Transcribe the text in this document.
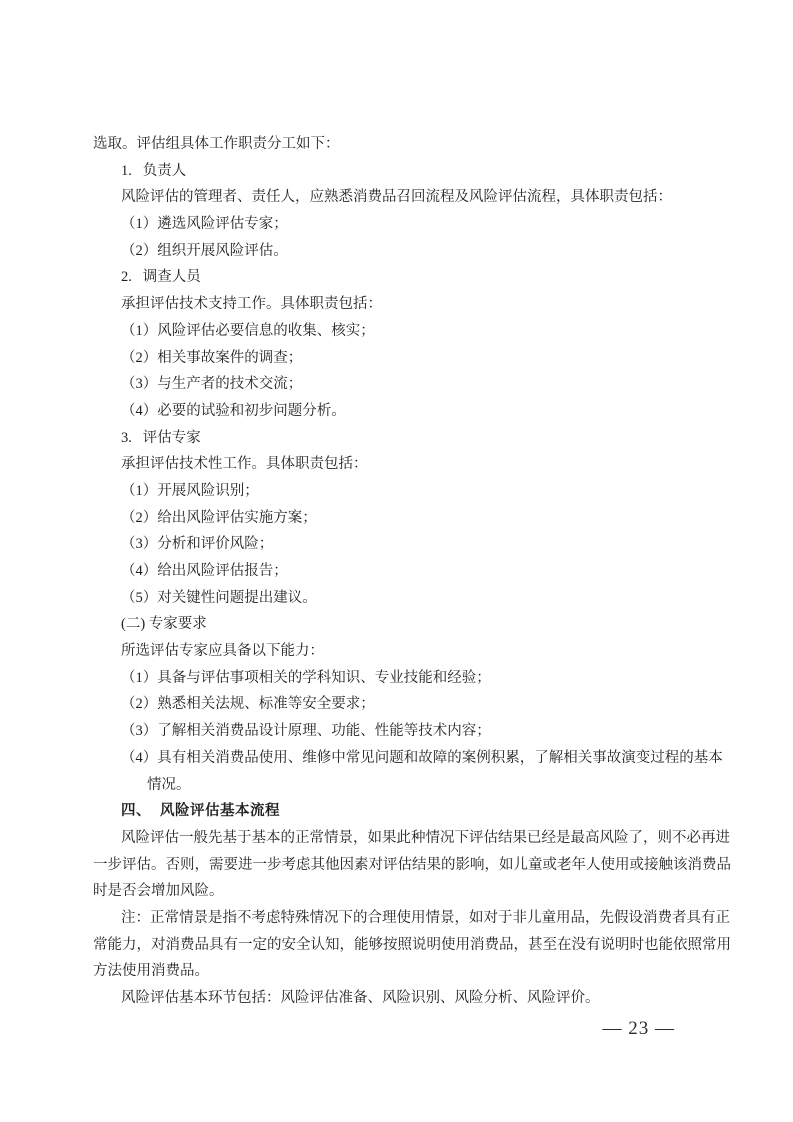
选取。评估组具体工作职责分工如下：
1.   负责人
风险评估的管理者、责任人，应熟悉消费品召回流程及风险评估流程，具体职责包括：
（1）遴选风险评估专家；
（2）组织开展风险评估。
2.   调查人员
承担评估技术支持工作。具体职责包括：
（1）风险评估必要信息的收集、核实；
（2）相关事故案件的调查；
（3）与生产者的技术交流；
（4）必要的试验和初步问题分析。
3.   评估专家
承担评估技术性工作。具体职责包括：
（1）开展风险识别；
（2）给出风险评估实施方案；
（3）分析和评价风险；
（4）给出风险评估报告；
（5）对关键性问题提出建议。
(二) 专家要求
所选评估专家应具备以下能力：
（1）具备与评估事项相关的学科知识、专业技能和经验；
（2）熟悉相关法规、标准等安全要求；
（3）了解相关消费品设计原理、功能、性能等技术内容；
（4）具有相关消费品使用、维修中常见问题和故障的案例积累，了解相关事故演变过程的基本
情况。
四、  风险评估基本流程
风险评估一般先基于基本的正常情景，如果此种情况下评估结果已经是最高风险了，则不必再进
一步评估。否则，需要进一步考虑其他因素对评估结果的影响，如儿童或老年人使用或接触该消费品
时是否会增加风险。
注：正常情景是指不考虑特殊情况下的合理使用情景，如对于非儿童用品，先假设消费者具有正
常能力，对消费品具有一定的安全认知，能够按照说明使用消费品，甚至在没有说明时也能依照常用
方法使用消费品。
风险评估基本环节包括：风险评估准备、风险识别、风险分析、风险评价。
— 23 —
